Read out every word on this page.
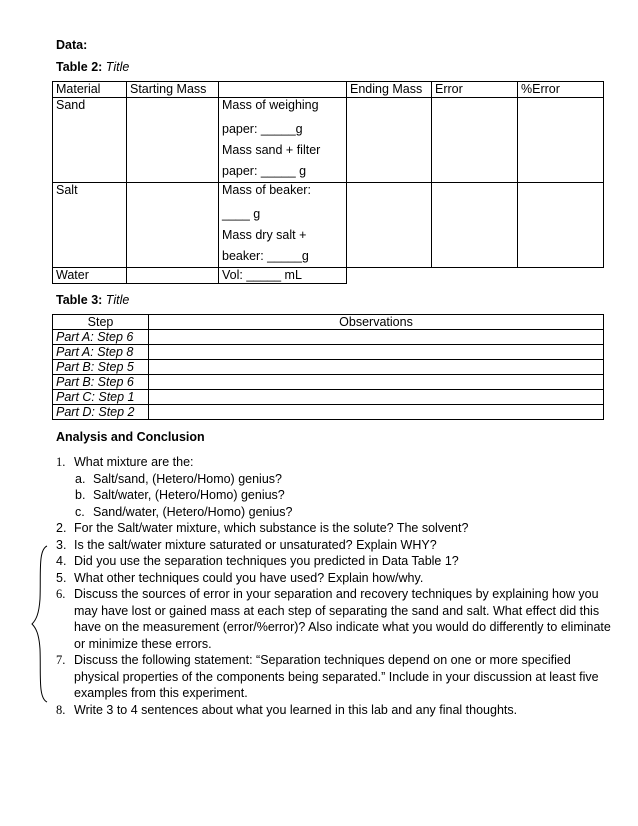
Data:
Table 2: Title
Material	Starting Mass		Ending Mass	Error	%Error
Sand		Mass of weighing
paper: _____g
Mass sand + filter
paper: _____ g			

Salt		Mass of beaker:
____ g
Mass dry salt +
beaker: _____g			

Water		Vol: _____ mL			
Table 3: Title
Step	Observations
Part A: Step 6	
Part A: Step 8	
Part B: Step 5	
Part B: Step 6	
Part C: Step 1	
Part D: Step 2	
Analysis and Conclusion
1. What mixture are the:
a. Salt/sand, (Hetero/Homo) genius?
b. Salt/water, (Hetero/Homo) genius?
c. Sand/water, (Hetero/Homo) genius?
2. For the Salt/water mixture, which substance is the solute? The solvent?
3. Is the salt/water mixture saturated or unsaturated? Explain WHY?
4. Did you use the separation techniques you predicted in Data Table 1?
5. What other techniques could you have used? Explain how/why.
6. Discuss the sources of error in your separation and recovery techniques by explaining how you may have lost or gained mass at each step of separating the sand and salt. What effect did this have on the measurement (error/%error)? Also indicate what you would do differently to eliminate or minimize these errors.
7. Discuss the following statement: “Separation techniques depend on one or more specified physical properties of the components being separated.” Include in your discussion at least five examples from this experiment.
8. Write 3 to 4 sentences about what you learned in this lab and any final thoughts.
